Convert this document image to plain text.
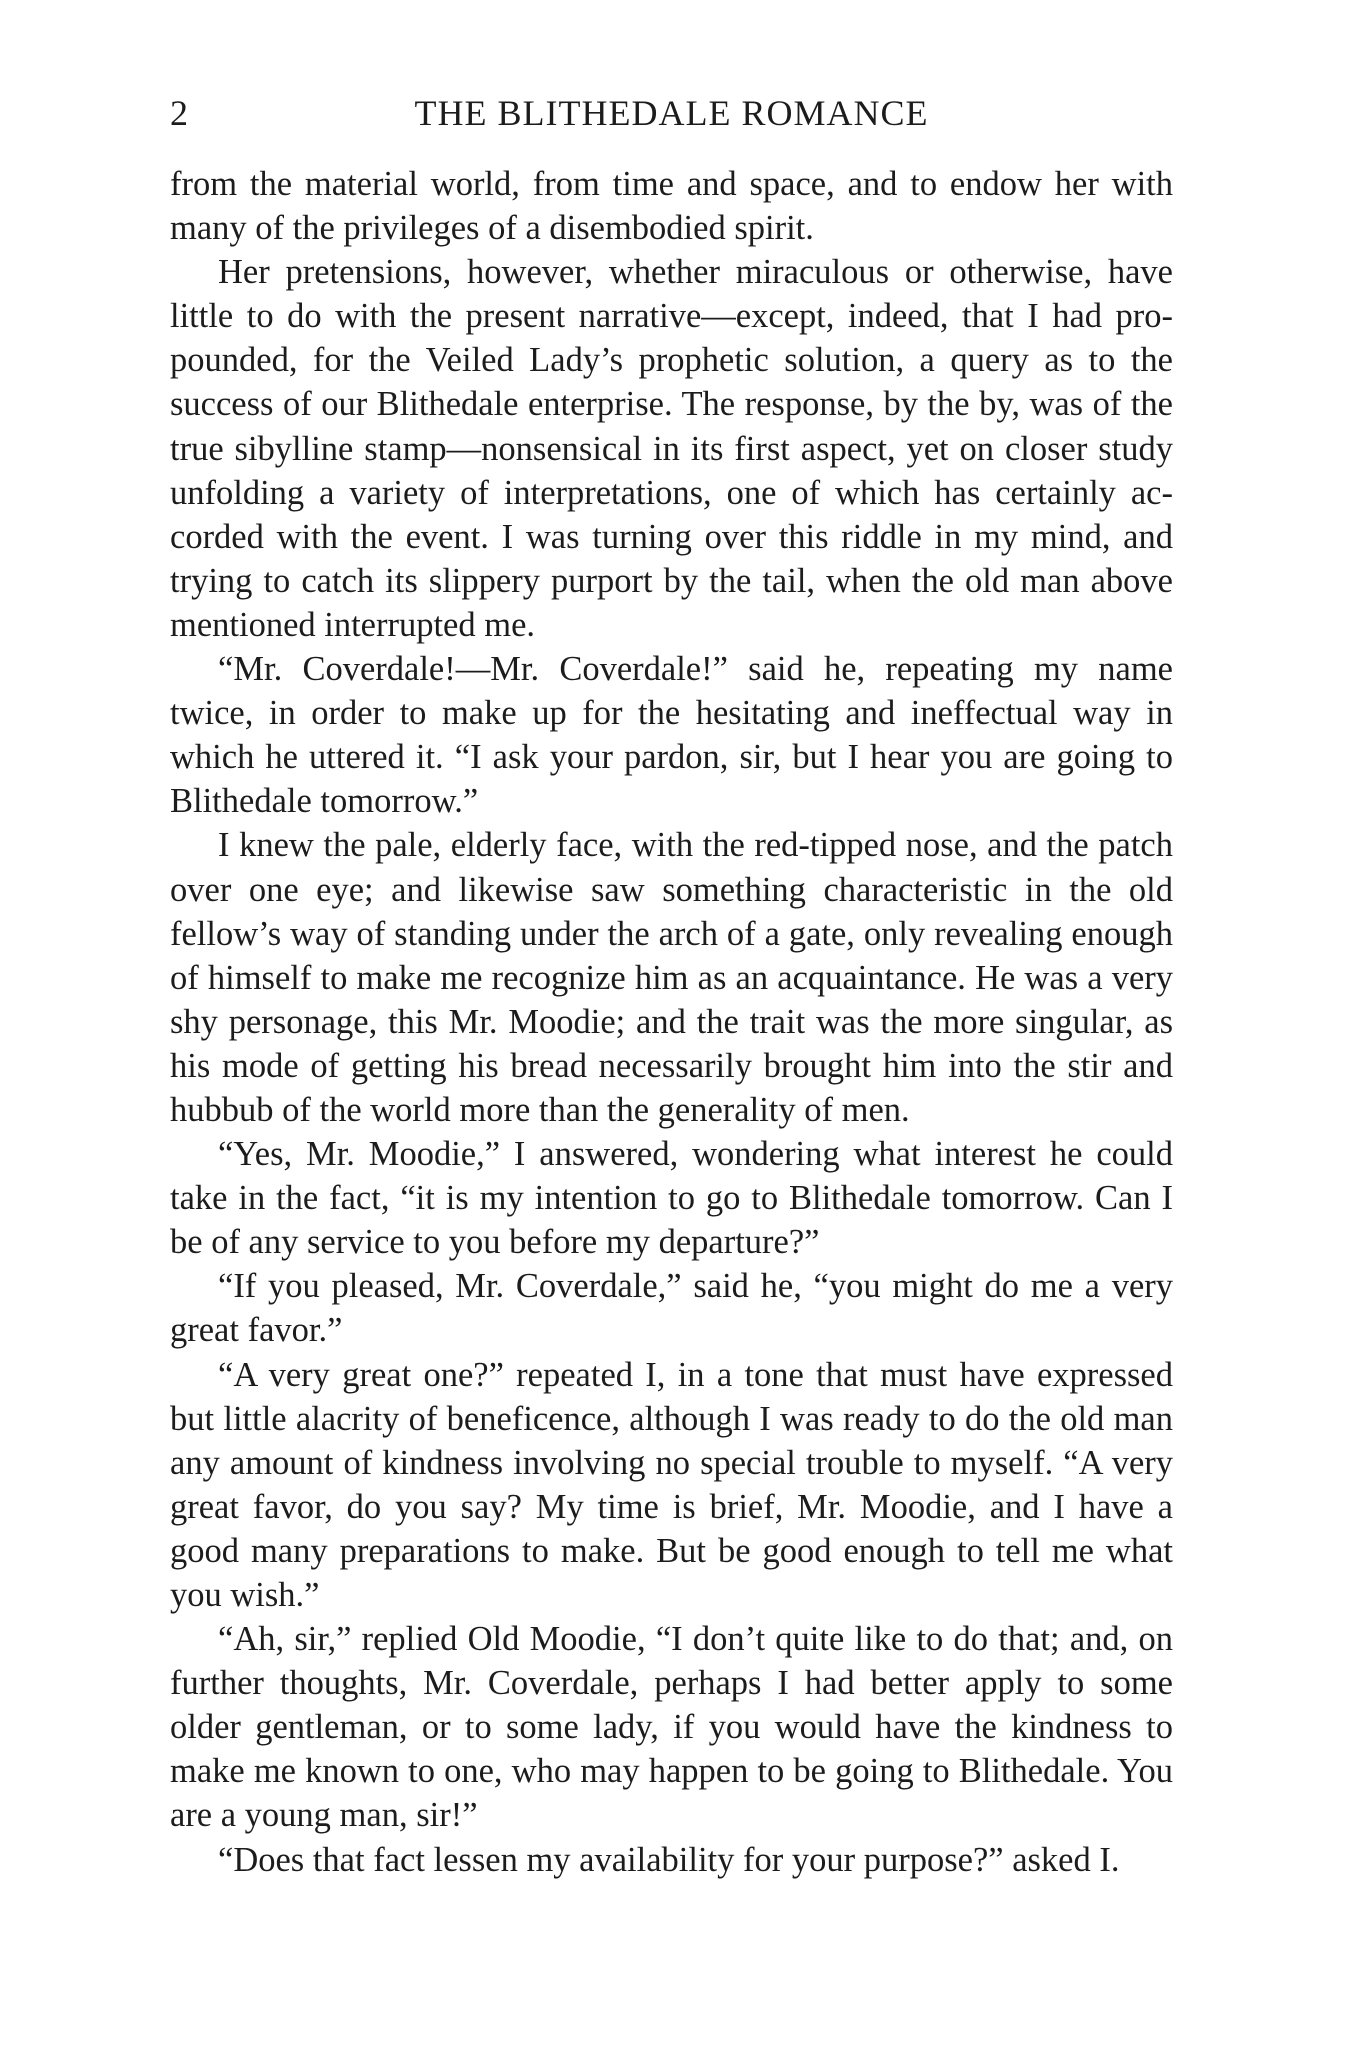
2	THE BLITHEDALE ROMANCE

from the material world, from time and space, and to endow her with many of the privileges of a disembodied spirit.

Her pretensions, however, whether miraculous or otherwise, have little to do with the present narrative—except, indeed, that I had propounded, for the Veiled Lady’s prophetic solution, a query as to the success of our Blithedale enterprise. The response, by the by, was of the true sibylline stamp—nonsensical in its first aspect, yet on closer study unfolding a variety of interpretations, one of which has certainly accorded with the event. I was turning over this riddle in my mind, and trying to catch its slippery purport by the tail, when the old man above mentioned interrupted me.

“Mr. Coverdale!—Mr. Coverdale!” said he, repeating my name twice, in order to make up for the hesitating and ineffectual way in which he uttered it. “I ask your pardon, sir, but I hear you are going to Blithedale tomorrow.”

I knew the pale, elderly face, with the red-tipped nose, and the patch over one eye; and likewise saw something characteristic in the old fellow’s way of standing under the arch of a gate, only revealing enough of himself to make me recognize him as an acquaintance. He was a very shy personage, this Mr. Moodie; and the trait was the more singular, as his mode of getting his bread necessarily brought him into the stir and hubbub of the world more than the generality of men.

“Yes, Mr. Moodie,” I answered, wondering what interest he could take in the fact, “it is my intention to go to Blithedale tomorrow. Can I be of any service to you before my departure?”

“If you pleased, Mr. Coverdale,” said he, “you might do me a very great favor.”

“A very great one?” repeated I, in a tone that must have expressed but little alacrity of beneficence, although I was ready to do the old man any amount of kindness involving no special trouble to myself. “A very great favor, do you say? My time is brief, Mr. Moodie, and I have a good many preparations to make. But be good enough to tell me what you wish.”

“Ah, sir,” replied Old Moodie, “I don’t quite like to do that; and, on further thoughts, Mr. Coverdale, perhaps I had better apply to some older gentleman, or to some lady, if you would have the kindness to make me known to one, who may happen to be going to Blithedale. You are a young man, sir!”

“Does that fact lessen my availability for your purpose?” asked I.
